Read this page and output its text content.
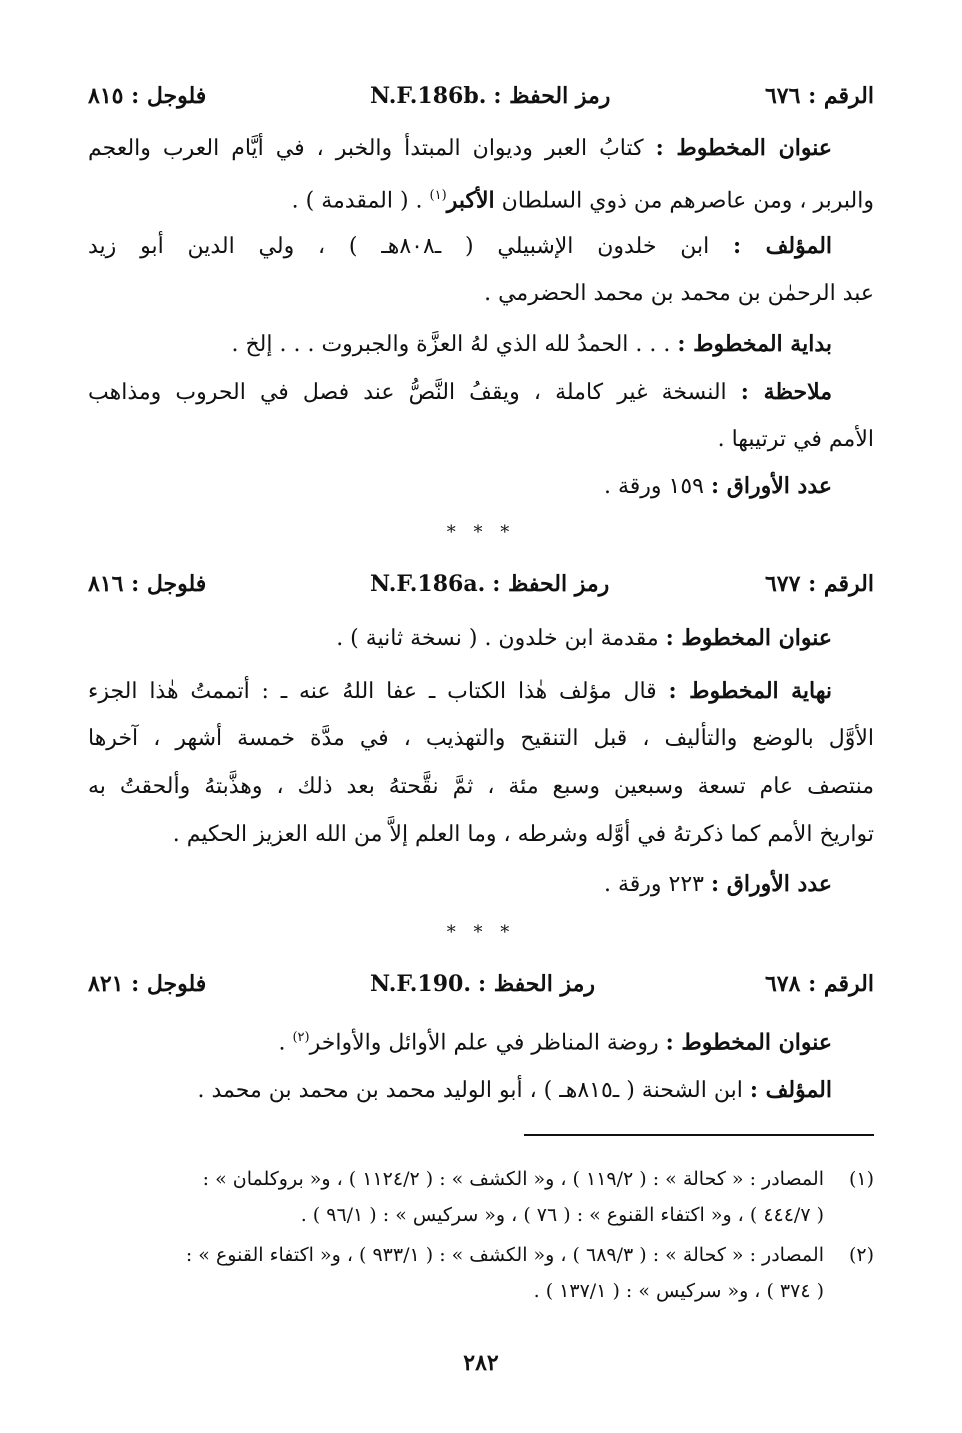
الرقم : ٦٧٦
رمز الحفظ : N.F.186b.
فلوجل : ٨١٥
عنوان المخطوط : كتابُ العبر وديوان المبتدأ والخبر ، في أيَّام العرب والعجم
والبربر ، ومن عاصرهم من ذوي السلطان الأكبر$^{(١)}$ . ( المقدمة ) .
المؤلف : ابن خلدون الإشبيلي ( ـ٨٠٨هـ ) ، ولي الدين أبو زيد
عبد الرحمٰن بن محمد بن محمد الحضرمي .
بداية المخطوط : . . . الحمدُ لله الذي لهُ العزَّة والجبروت . . . إلخ .
ملاحظة : النسخة غير كاملة ، ويقفُ النَّصُّ عند فصل في الحروب ومذاهب
الأمم في ترتيبها .
عدد الأوراق : ١٥٩ ورقة .
* * *
الرقم : ٦٧٧
رمز الحفظ : N.F.186a.
فلوجل : ٨١٦
عنوان المخطوط : مقدمة ابن خلدون . ( نسخة ثانية ) .
نهاية المخطوط : قال مؤلف هٰذا الكتاب ـ عفا اللهُ عنه ـ : أتممتُ هٰذا الجزء
الأوَّل بالوضع والتأليف ، قبل التنقيح والتهذيب ، في مدَّة خمسة أشهر ، آخرها
منتصف عام تسعة وسبعين وسبع مئة ، ثمَّ نقَّحتهُ بعد ذلك ، وهذَّبتهُ وألحقتُ به
تواريخ الأمم كما ذكرتهُ في أوَّله وشرطه ، وما العلم إلاَّ من الله العزيز الحكيم .
عدد الأوراق : ٢٢٣ ورقة .
* * *
الرقم : ٦٧٨
رمز الحفظ : N.F.190.
فلوجل : ٨٢١
عنوان المخطوط : روضة المناظر في علم الأوائل والأواخر$^{(٢)}$ .
المؤلف : ابن الشحنة ( ـ٨١٥هـ ) ، أبو الوليد محمد بن محمد بن محمد .
(١)المصادر : « كحالة » : ( ١١٩/٢ ) ، و« الكشف » : ( ١١٢٤/٢ ) ، و« بروكلمان » :
( ٤٤٤/٧ ) ، و« اكتفاء القنوع » : ( ٧٦ ) ، و« سركيس » : ( ٩٦/١ ) .
(٢)المصادر : « كحالة » : ( ٦٨٩/٣ ) ، و« الكشف » : ( ٩٣٣/١ ) ، و« اكتفاء القنوع » :
( ٣٧٤ ) ، و« سركيس » : ( ١٣٧/١ ) .
٢٨٢
